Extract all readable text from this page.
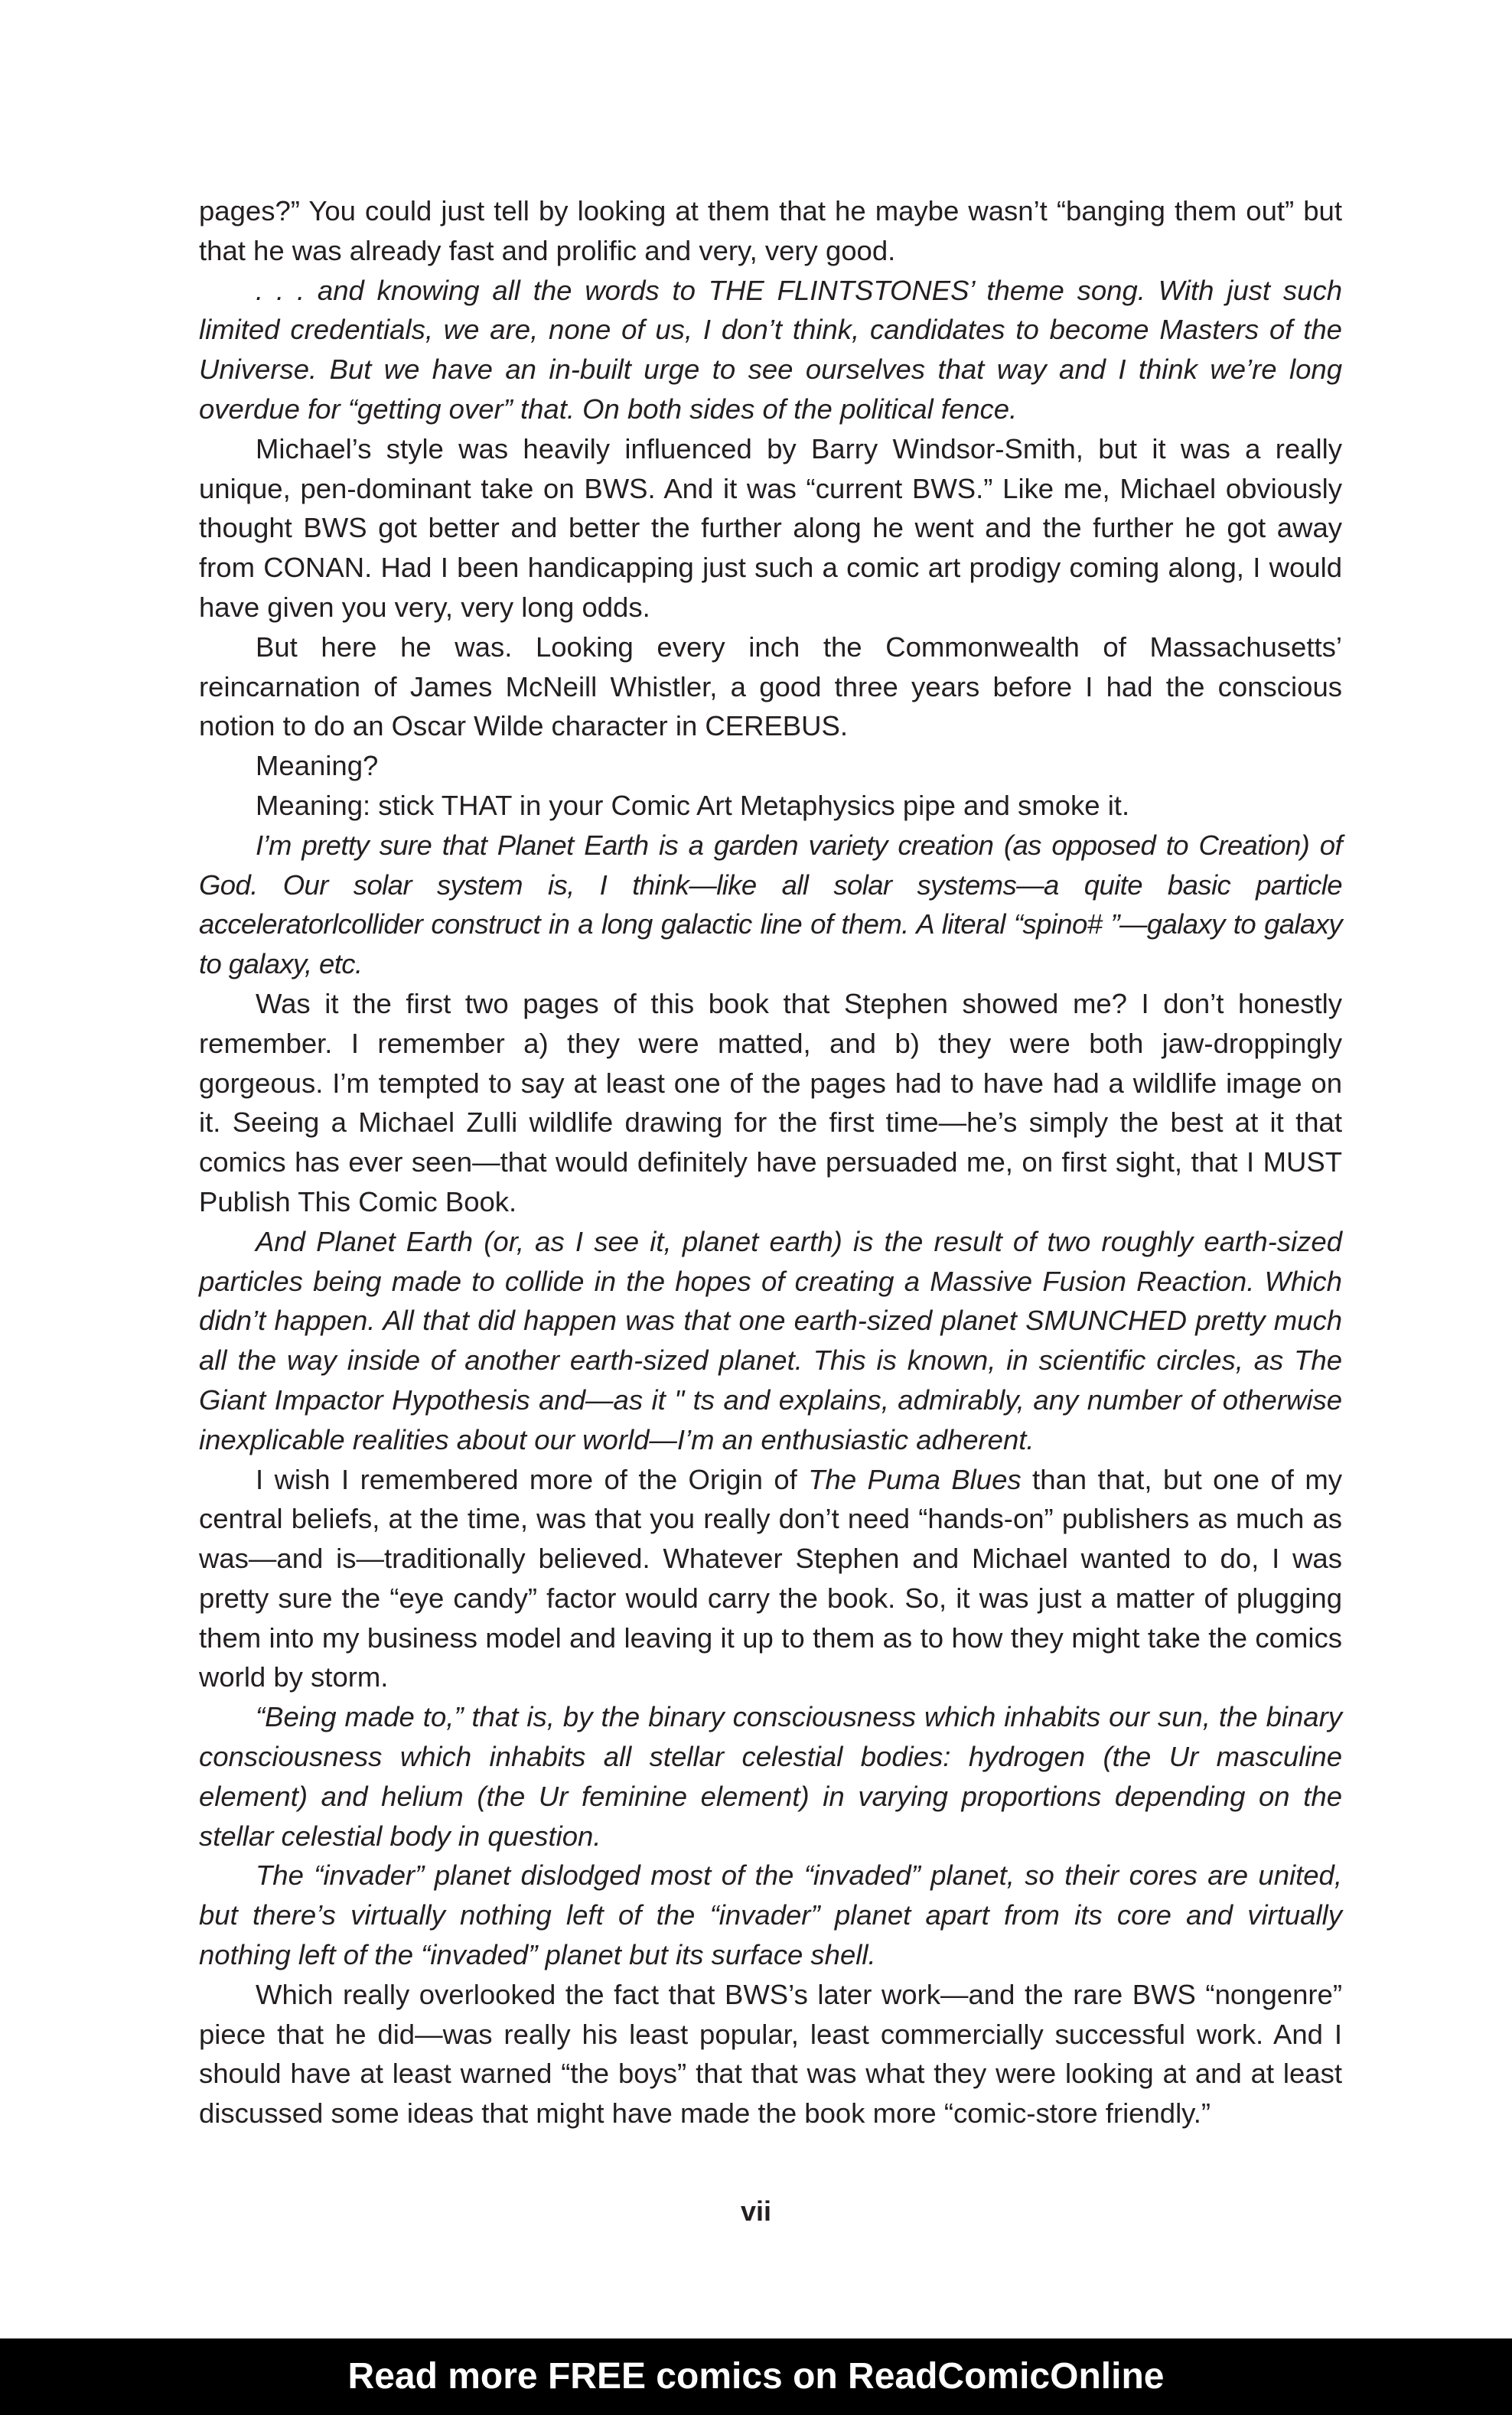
pages?” You could just tell by looking at them that he maybe wasn’t “banging them out” but that he was already fast and prolific and very, very good.

. . . and knowing all the words to THE FLINTSTONES’ theme song. With just such limited credentials, we are, none of us, I don’t think, candidates to become Masters of the Universe. But we have an in-built urge to see ourselves that way and I think we’re long overdue for “getting over” that. On both sides of the political fence.

Michael’s style was heavily influenced by Barry Windsor-Smith, but it was a really unique, pen-dominant take on BWS. And it was “current BWS.” Like me, Michael obviously thought BWS got better and better the further along he went and the further he got away from CONAN. Had I been handicapping just such a comic art prodigy coming along, I would have given you very, very long odds.

But here he was. Looking every inch the Commonwealth of Massachusetts’ reincarnation of James McNeill Whistler, a good three years before I had the conscious notion to do an Oscar Wilde character in CEREBUS.

Meaning?

Meaning: stick THAT in your Comic Art Metaphysics pipe and smoke it.

I’m pretty sure that Planet Earth is a garden variety creation (as opposed to Creation) of God. Our solar system is, I think—like all solar systems—a quite basic particle acceleratorlcollider construct in a long galactic line of them. A literal “spino# ”—galaxy to galaxy to galaxy, etc.

Was it the first two pages of this book that Stephen showed me? I don’t honestly remember. I remember a) they were matted, and b) they were both jaw-droppingly gorgeous. I’m tempted to say at least one of the pages had to have had a wildlife image on it. Seeing a Michael Zulli wildlife drawing for the first time—he’s simply the best at it that comics has ever seen—that would definitely have persuaded me, on first sight, that I MUST Publish This Comic Book.

And Planet Earth (or, as I see it, planet earth) is the result of two roughly earth-sized particles being made to collide in the hopes of creating a Massive Fusion Reaction. Which didn’t happen. All that did happen was that one earth-sized planet SMUNCHED pretty much all the way inside of another earth-sized planet. This is known, in scientific circles, as The Giant Impactor Hypothesis and—as it " ts and explains, admirably, any number of otherwise inexplicable realities about our world—I’m an enthusiastic adherent.

I wish I remembered more of the Origin of The Puma Blues than that, but one of my central beliefs, at the time, was that you really don’t need “hands-on” publishers as much as was—and is—traditionally believed. Whatever Stephen and Michael wanted to do, I was pretty sure the “eye candy” factor would carry the book. So, it was just a matter of plugging them into my business model and leaving it up to them as to how they might take the comics world by storm.

“Being made to,” that is, by the binary consciousness which inhabits our sun, the binary consciousness which inhabits all stellar celestial bodies: hydrogen (the Ur masculine element) and helium (the Ur feminine element) in varying proportions depending on the stellar celestial body in question.

The “invader” planet dislodged most of the “invaded” planet, so their cores are united, but there’s virtually nothing left of the “invader” planet apart from its core and virtually nothing left of the “invaded” planet but its surface shell.

Which really overlooked the fact that BWS’s later work—and the rare BWS “nongenre” piece that he did—was really his least popular, least commercially successful work. And I should have at least warned “the boys” that that was what they were looking at and at least discussed some ideas that might have made the book more “comic-store friendly.”

vii
Read more FREE comics on ReadComicOnline
